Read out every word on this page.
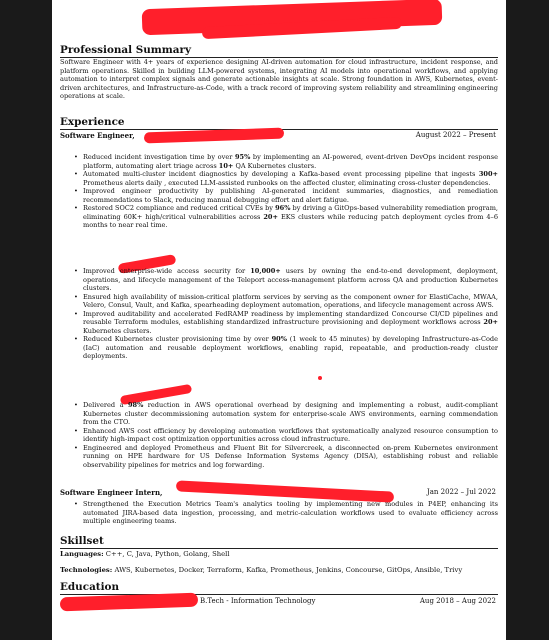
Professional Summary
Software Engineer with 4+ years of experience designing AI-driven automation for cloud infrastructure, incident response, and platform operations. Skilled in building LLM-powered systems, integrating AI models into operational workflows, and applying automation to interpret complex signals and generate actionable insights at scale. Strong foundation in AWS, Kubernetes, event-driven architectures, and Infrastructure-as-Code, with a track record of improving system reliability and streamlining engineering operations at scale.
Experience
Software Engineer,	August 2022 – Present
• Reduced incident investigation time by over 95% by implementing an AI-powered, event-driven DevOps incident response platform, automating alert triage across 10+ QA Kubernetes clusters.
• Automated multi-cluster incident diagnostics by developing a Kafka-based event processing pipeline that ingests 300+ Prometheus alerts daily , executed LLM-assisted runbooks on the affected cluster, eliminating cross-cluster dependencies.
• Improved engineer productivity by publishing AI-generated incident summaries, diagnostics, and remediation recommendations to Slack, reducing manual debugging effort and alert fatigue.
• Restored SOC2 compliance and reduced critical CVEs by 96% by driving a GitOps-based vulnerability remediation program, eliminating 60K+ high/critical vulnerabilities across 20+ EKS clusters while reducing patch deployment cycles from 4–6 months to near real time.
• Improved enterprise-wide access security for 10,000+ users by owning the end-to-end development, deployment, operations, and lifecycle management of the Teleport access-management platform across QA and production Kubernetes clusters.
• Ensured high availability of mission-critical platform services by serving as the component owner for ElastiCache, MWAA, Velero, Consul, Vault, and Kafka, spearheading deployment automation, operations, and lifecycle management across AWS.
• Improved auditability and accelerated FedRAMP readiness by implementing standardized Concourse CI/CD pipelines and reusable Terraform modules, establishing standardized infrastructure provisioning and deployment workflows across 20+ Kubernetes clusters.
• Reduced Kubernetes cluster provisioning time by over 90% (1 week to 45 minutes) by developing Infrastructure-as-Code (IaC) automation and reusable deployment workflows, enabling rapid, repeatable, and production-ready cluster deployments.
• Delivered a 98% reduction in AWS operational overhead by designing and implementing a robust, audit-compliant Kubernetes cluster decommissioning automation system for enterprise-scale AWS environments, earning commendation from the CTO.
• Enhanced AWS cost efficiency by developing automation workflows that systematically analyzed resource consumption to identify high-impact cost optimization opportunities across cloud infrastructure.
• Engineered and deployed Prometheus and Fluent Bit for Silvercreek, a disconnected on-prem Kubernetes environment running on HPE hardware for US Defense Information Systems Agency (DISA), establishing robust and reliable observability pipelines for metrics and log forwarding.
Software Engineer Intern,	Jan 2022 – Jul 2022
• Strengthened the Execution Metrics Team's analytics tooling by implementing new modules in P4EP, enhancing its automated JIRA-based data ingestion, processing, and metric-calculation workflows used to evaluate efficiency across multiple engineering teams.
Skillset
Languages: C++, C, Java, Python, Golang, Shell
Technologies: AWS, Kubernetes, Docker, Terraform, Kafka, Prometheus, Jenkins, Concourse, GitOps, Ansible, Trivy
Education
B.Tech - Information Technology	Aug 2018 – Aug 2022
